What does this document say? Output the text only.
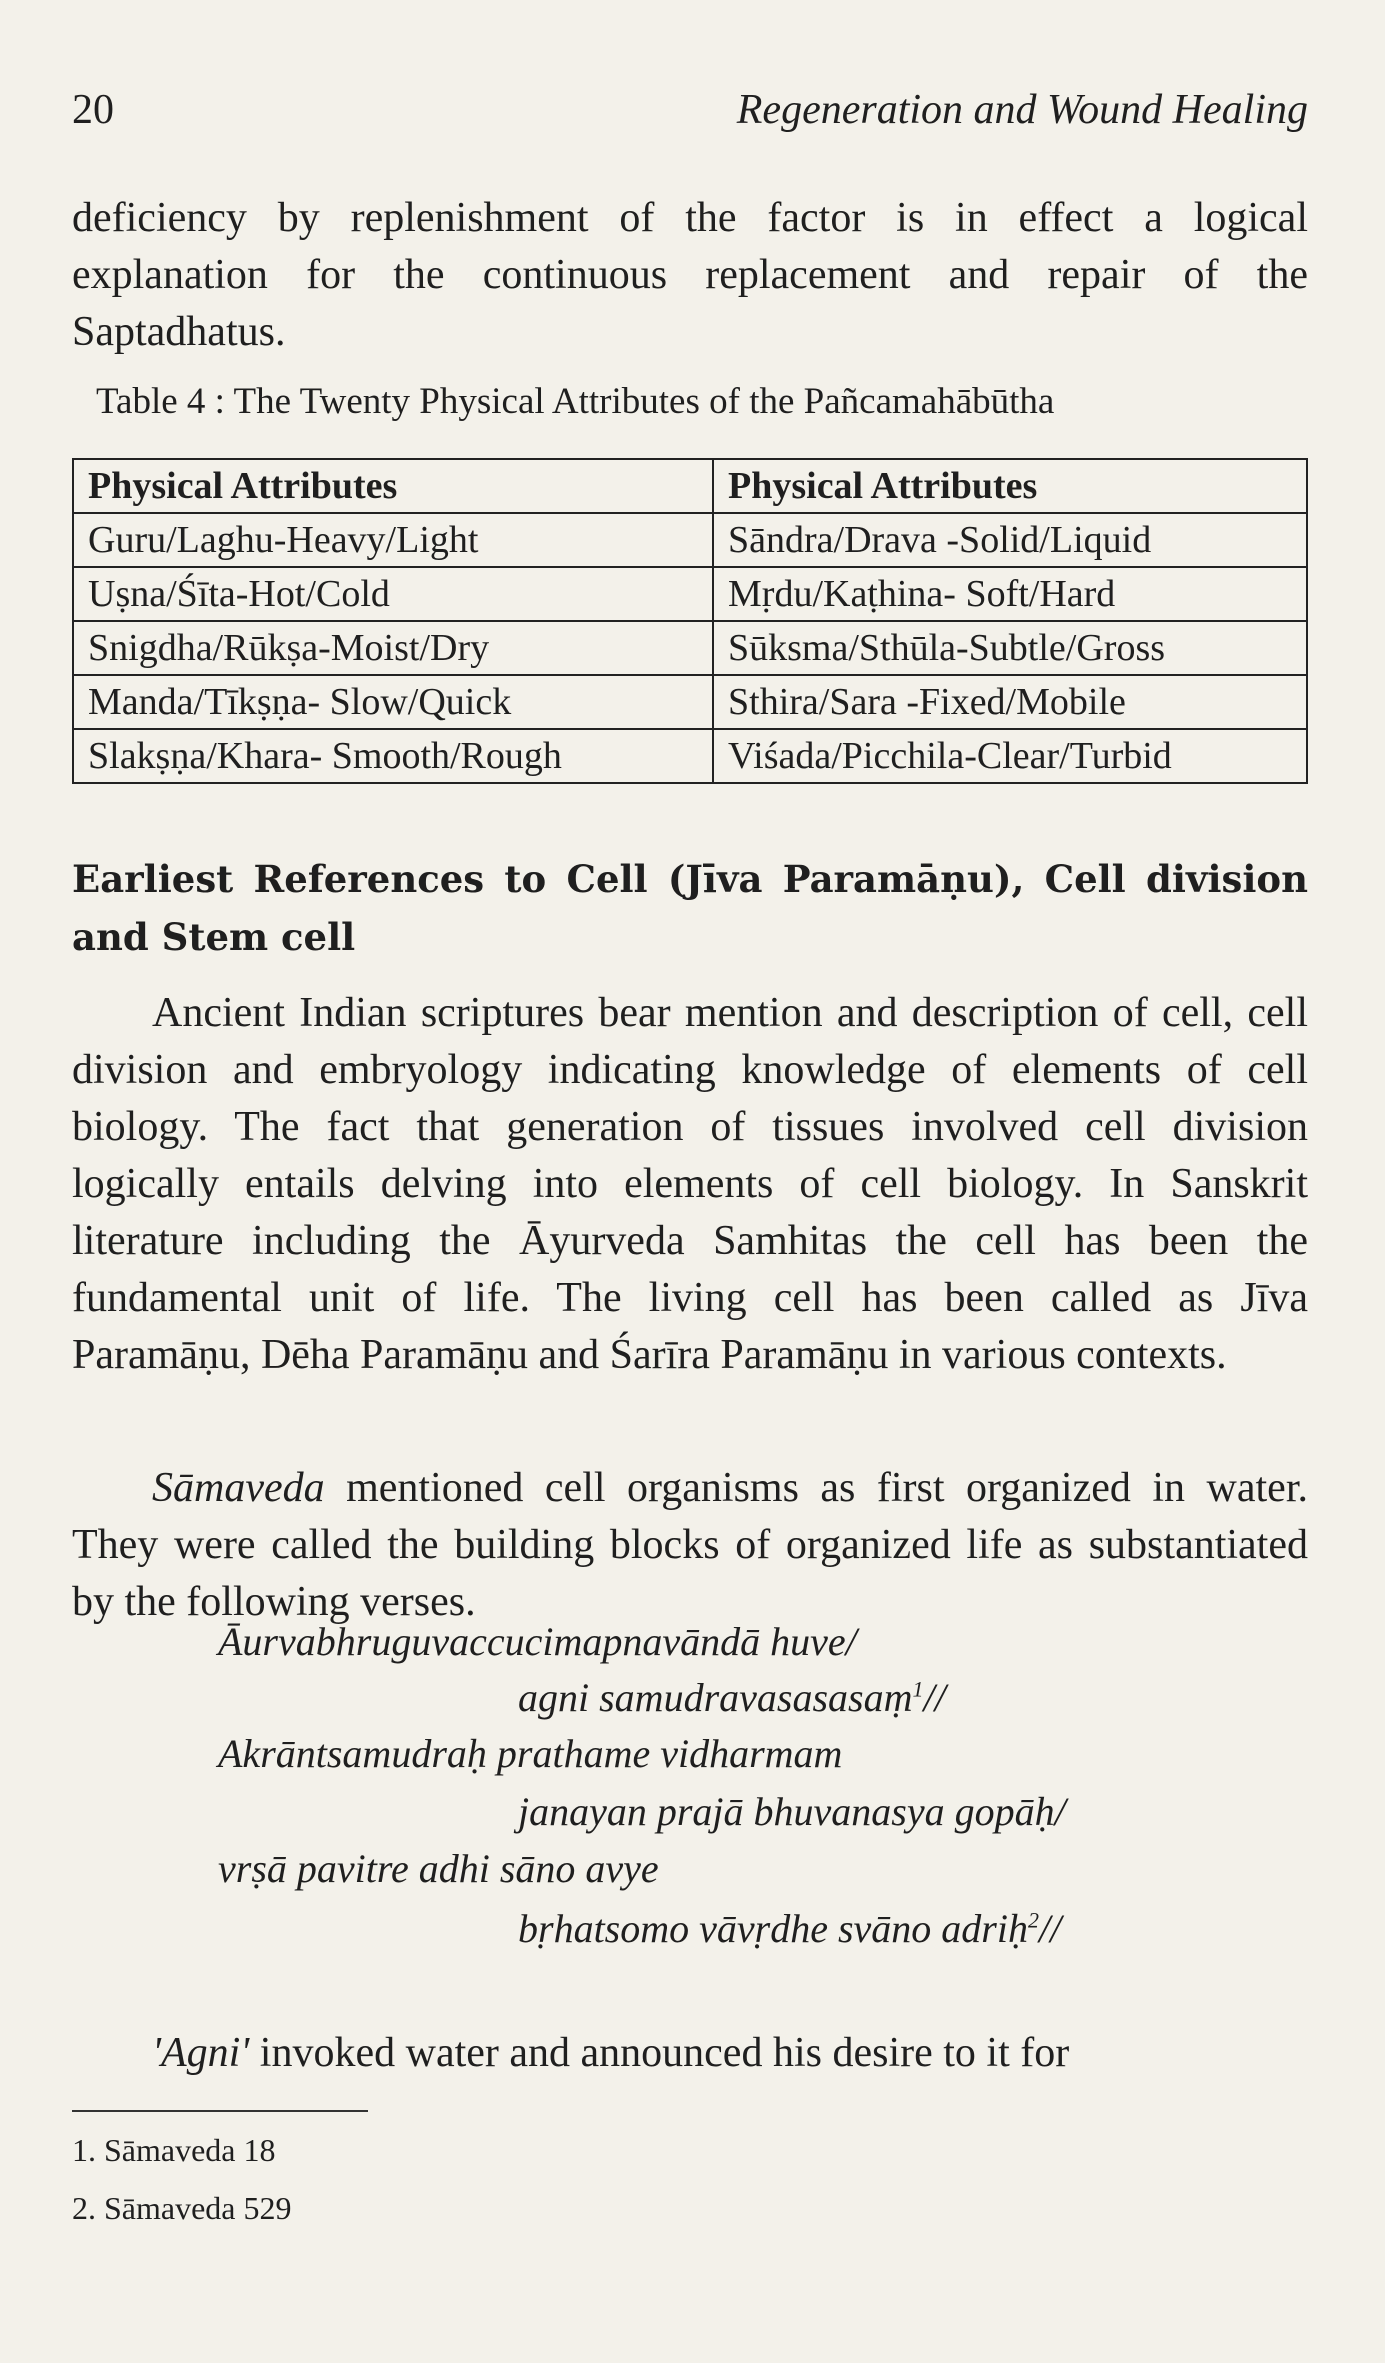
20	Regeneration and Wound Healing
deficiency by replenishment of the factor is in effect a logical explanation for the continuous replacement and repair of the Saptadhatus.
Table 4 : The Twenty Physical Attributes of the Pañcamahābūtha
Physical Attributes	Physical Attributes
Guru/Laghu-Heavy/Light	Sāndra/Drava -Solid/Liquid
Uṣna/Śīta-Hot/Cold	Mṛdu/Kaṭhina- Soft/Hard
Snigdha/Rūkṣa-Moist/Dry	Sūksma/Sthūla-Subtle/Gross
Manda/Tīkṣṇa- Slow/Quick	Sthira/Sara -Fixed/Mobile
Slakṣṇa/Khara- Smooth/Rough	Viśada/Picchila-Clear/Turbid
Earliest References to Cell (Jīva Paramāṇu), Cell division and Stem cell
Ancient Indian scriptures bear mention and description of cell, cell division and embryology indicating knowledge of elements of cell biology. The fact that generation of tissues involved cell division logically entails delving into elements of cell biology. In Sanskrit literature including the Āyurveda Samhitas the cell has been the fundamental unit of life. The living cell has been called as Jīva Paramāṇu, Dēha Paramāṇu and Śarīra Paramāṇu in various contexts.
Sāmaveda mentioned cell organisms as first organized in water. They were called the building blocks of organized life as substantiated by the following verses.
Āurvabhruguvaccucimapnavāndā huve/
agni samudravasasasaṃ$^1$//
Akrāntsamudraḥ prathame vidharmam
janayan prajā bhuvanasya gopāḥ/
vrṣā pavitre adhi sāno avye
bṛhatsomo vāvṛdhe svāno adriḥ$^2$//
'Agni' invoked water and announced his desire to it for
1. Sāmaveda 18
2. Sāmaveda 529
